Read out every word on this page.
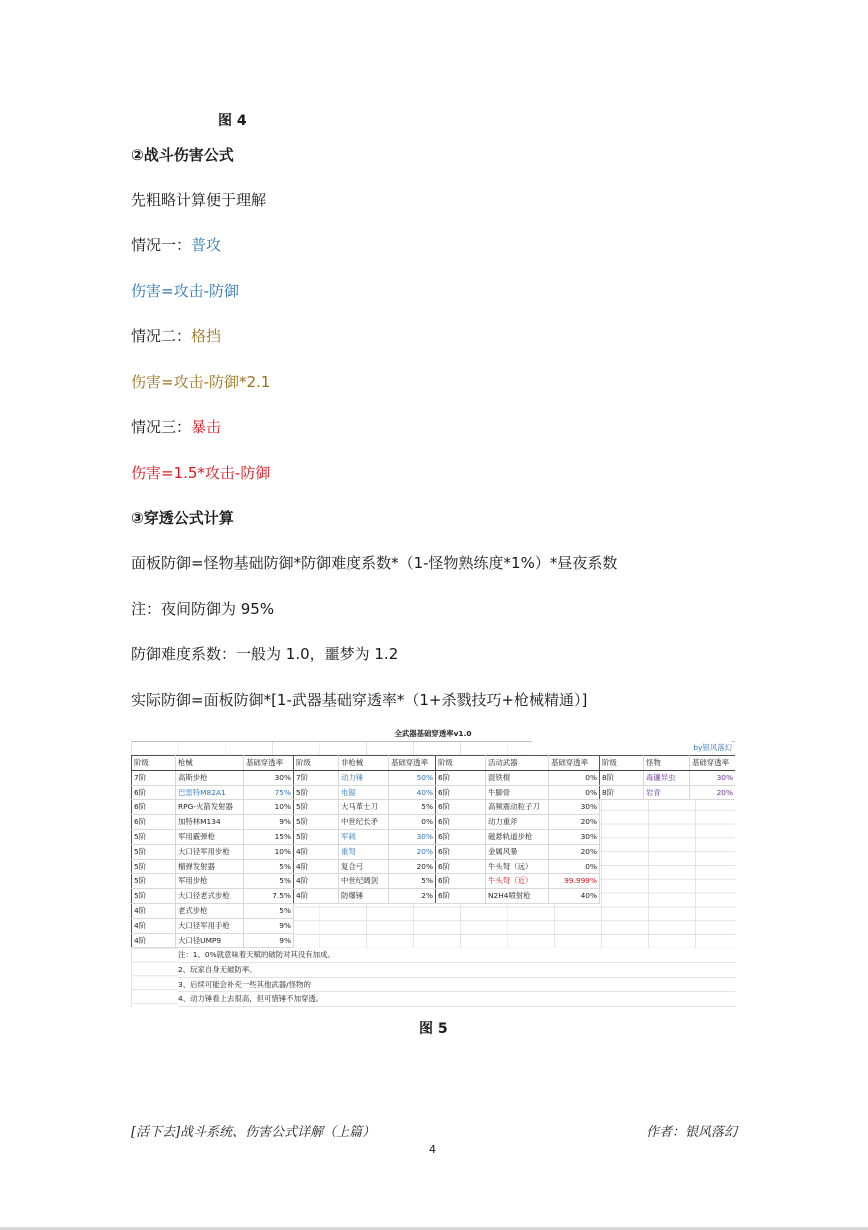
图 4
②战斗伤害公式
先粗略计算便于理解
情况一：普攻
伤害=攻击-防御
情况二：格挡
伤害=攻击-防御*2.1
情况三：暴击
伤害=1.5*攻击-防御
③穿透公式计算
面板防御=怪物基础防御*防御难度系数*（1-怪物熟练度*1%）*昼夜系数
注：夜间防御为 95%
防御难度系数：一般为 1.0，噩梦为 1.2
实际防御=面板防御*[1-武器基础穿透率*（1+杀戮技巧+枪械精通）]
全武器基础穿透率v1.0
by银风落幻
阶级	枪械	基础穿透率
7阶	高斯步枪	30%
6阶	巴雷特M82A1	75%
6阶	RPG-火箭发射器	10%
6阶	加特林M134	9%
5阶	军用霰弹枪	15%
5阶	大口径军用步枪	10%
5阶	榴弹发射器	5%
5阶	军用步枪	5%
5阶	大口径老式步枪	7.5%
4阶	老式步枪	5%
4阶	大口径军用手枪	9%
4阶	大口径UMP9	9%
阶级	非枪械	基础穿透率
7阶	动力锤	50%
5阶	电锯	40%
5阶	大马革士刀	5%
5阶	中世纪长矛	0%
5阶	军刺	30%
4阶	重弩	20%
4阶	复合弓	20%
4阶	中世纪阔剑	5%
4阶	防爆锤	2%
阶级	活动武器	基础穿透率
6阶	混铁棍	0%
6阶	牛脚骨	0%
6阶	高频震动粒子刀	30%
6阶	动力重斧	20%
6阶	磁悬轨道步枪	30%
6阶	金属风暴	20%
6阶	牛头弩（远）	0%
6阶	牛头弩（近）	99.999%
6阶	N2H4喷射枪	40%
阶级	怪物	基础穿透率
8阶	毒镰异虫	30%
8阶	岩青	20%
注：1、0%就意味着天赋的破防对其没有加成。
2、玩家自身无破防率。
3、后续可能会补充一些其他武器/怪物的
4、动力锤看上去很高，但可惜锤不加穿透。
图 5
[活下去]战斗系统、伤害公式详解（上篇）	作者：银风落幻
4
